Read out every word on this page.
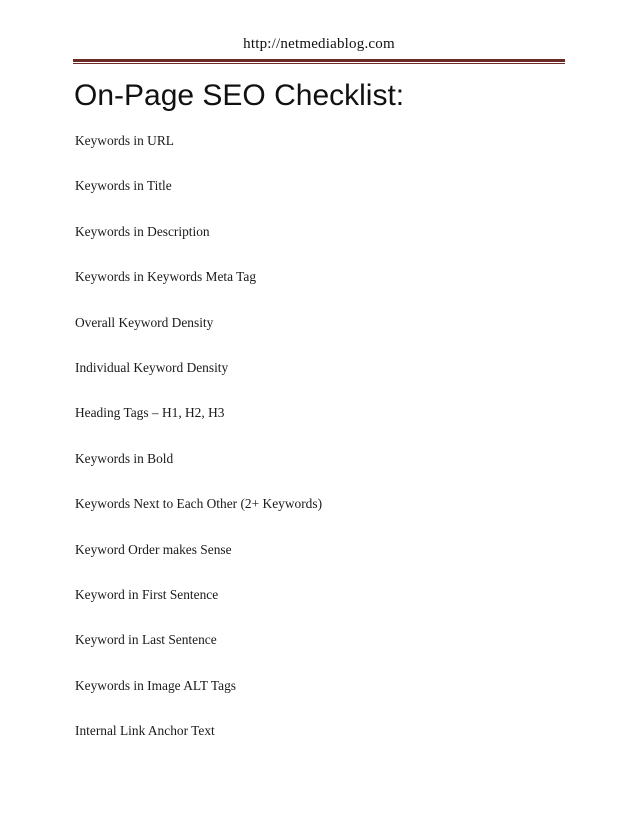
http://netmediablog.com
On-Page SEO Checklist:
Keywords in URL
Keywords in Title
Keywords in Description
Keywords in Keywords Meta Tag
Overall Keyword Density
Individual Keyword Density
Heading Tags – H1, H2, H3
Keywords in Bold
Keywords Next to Each Other (2+ Keywords)
Keyword Order makes Sense
Keyword in First Sentence
Keyword in Last Sentence
Keywords in Image ALT Tags
Internal Link Anchor Text
